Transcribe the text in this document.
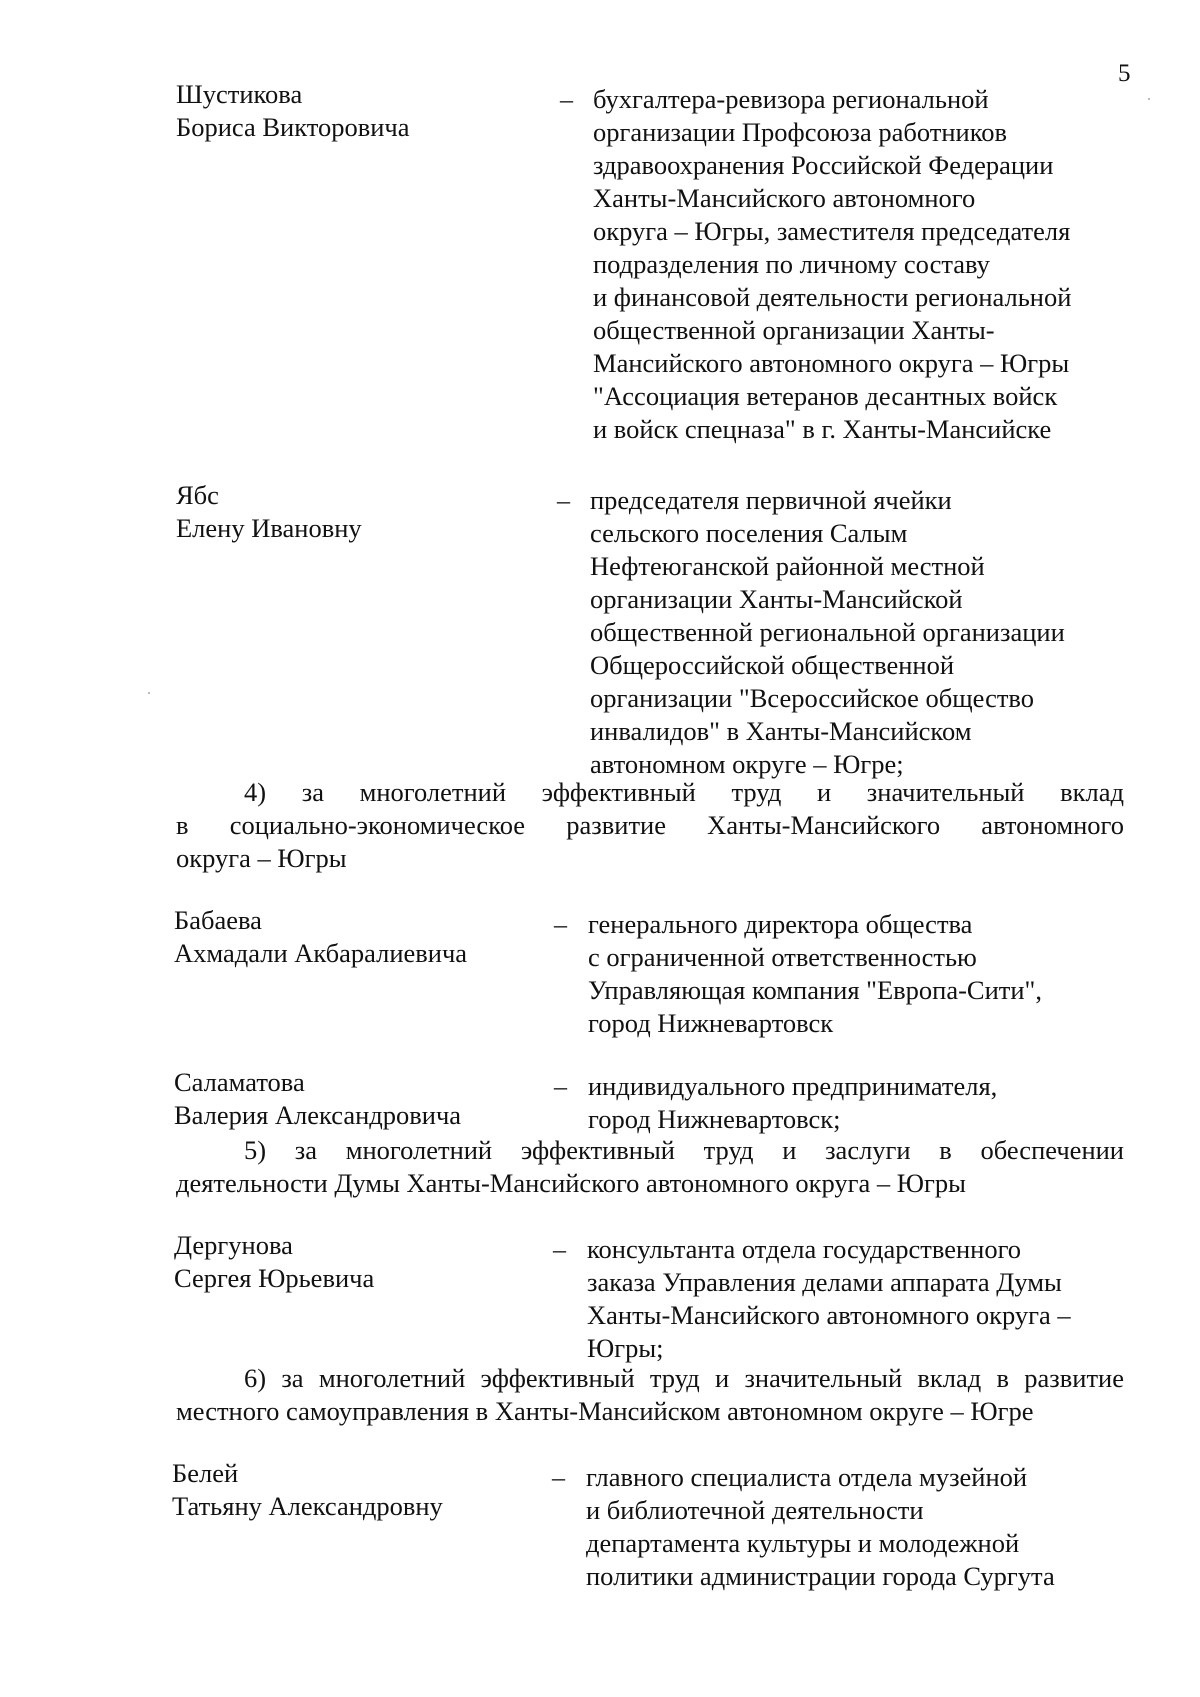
5
Шустикова
Бориса Викторовича
– бухгалтера-ревизора региональной
организации Профсоюза работников
здравоохранения Российской Федерации
Ханты-Мансийского автономного
округа – Югры, заместителя председателя
подразделения по личному составу
и финансовой деятельности региональной
общественной организации Ханты-
Мансийского автономного округа – Югры
"Ассоциация ветеранов десантных войск
и войск спецназа" в г. Ханты-Мансийске
Ябс
Елену Ивановну
– председателя первичной ячейки
сельского поселения Салым
Нефтеюганской районной местной
организации Ханты-Мансийской
общественной региональной организации
Общероссийской общественной
организации "Всероссийское общество
инвалидов" в Ханты-Мансийском
автономном округе – Югре;
4) за многолетний эффективный труд и значительный вклад
в социально-экономическое развитие Ханты-Мансийского автономного
округа – Югры
Бабаева
Ахмадали Акбаралиевича
– генерального директора общества
с ограниченной ответственностью
Управляющая компания "Европа-Сити",
город Нижневартовск
Саламатова
Валерия Александровича
– индивидуального предпринимателя,
город Нижневартовск;
5) за многолетний эффективный труд и заслуги в обеспечении
деятельности Думы Ханты-Мансийского автономного округа – Югры
Дергунова
Сергея Юрьевича
– консультанта отдела государственного
заказа Управления делами аппарата Думы
Ханты-Мансийского автономного округа –
Югры;
6) за многолетний эффективный труд и значительный вклад в развитие
местного самоуправления в Ханты-Мансийском автономном округе – Югре
Белей
Татьяну Александровну
– главного специалиста отдела музейной
и библиотечной деятельности
департамента культуры и молодежной
политики администрации города Сургута
